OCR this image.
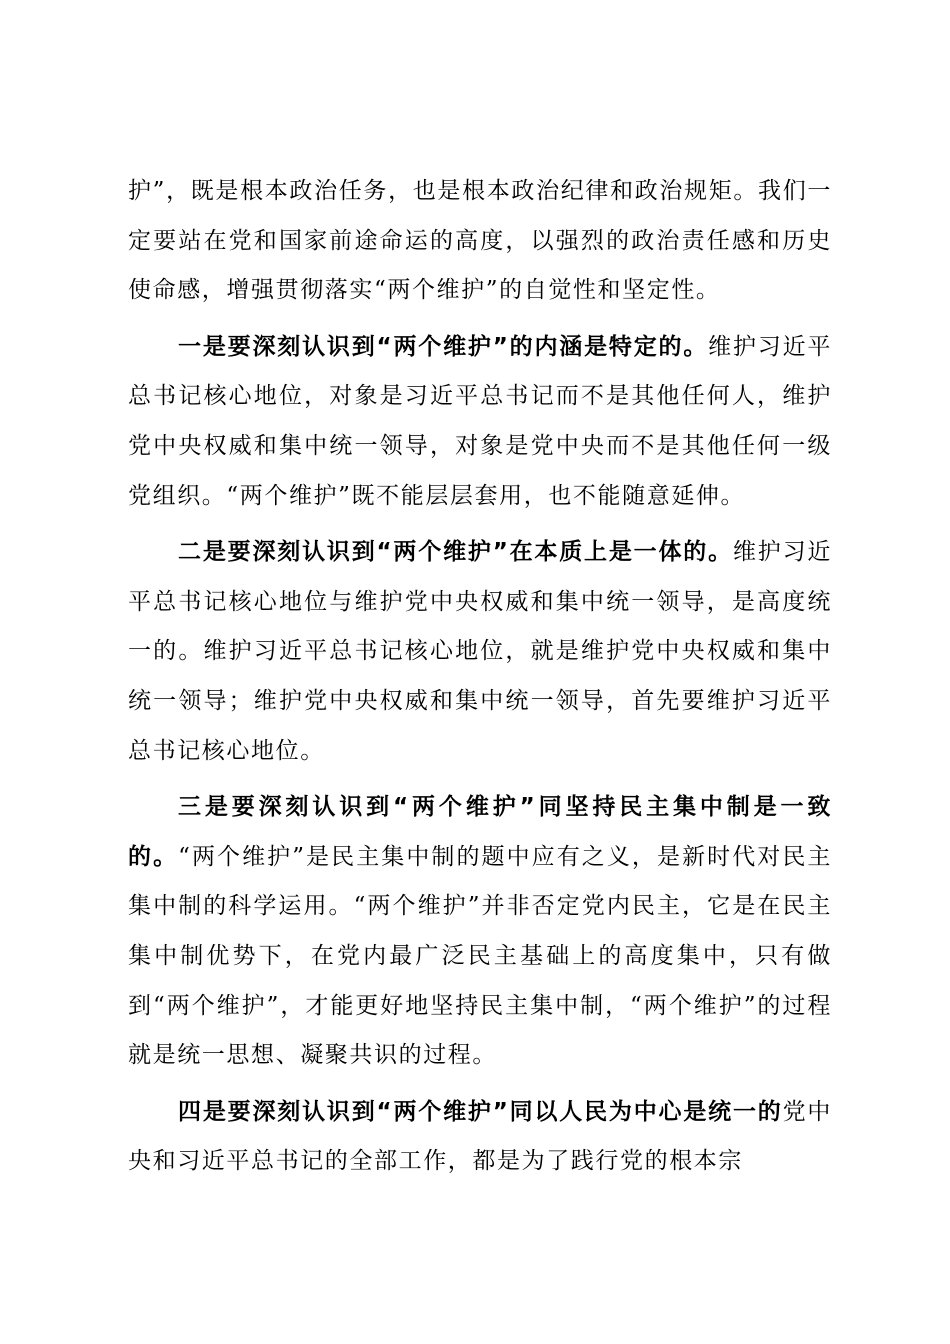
护”，既是根本政治任务，也是根本政治纪律和政治规矩。我们一定要站在党和国家前途命运的高度，以强烈的政治责任感和历史使命感，增强贯彻落实“两个维护”的自觉性和坚定性。

一是要深刻认识到“两个维护”的内涵是特定的。维护习近平总书记核心地位，对象是习近平总书记而不是其他任何人，维护党中央权威和集中统一领导，对象是党中央而不是其他任何一级党组织。“两个维护”既不能层层套用，也不能随意延伸。

二是要深刻认识到“两个维护”在本质上是一体的。维护习近平总书记核心地位与维护党中央权威和集中统一领导，是高度统一的。维护习近平总书记核心地位，就是维护党中央权威和集中统一领导；维护党中央权威和集中统一领导，首先要维护习近平总书记核心地位。

三是要深刻认识到“两个维护”同坚持民主集中制是一致的。“两个维护”是民主集中制的题中应有之义，是新时代对民主集中制的科学运用。“两个维护”并非否定党内民主，它是在民主集中制优势下，在党内最广泛民主基础上的高度集中，只有做到“两个维护”，才能更好地坚持民主集中制，“两个维护”的过程就是统一思想、凝聚共识的过程。

四是要深刻认识到“两个维护”同以人民为中心是统一的党中央和习近平总书记的全部工作，都是为了践行党的根本宗
